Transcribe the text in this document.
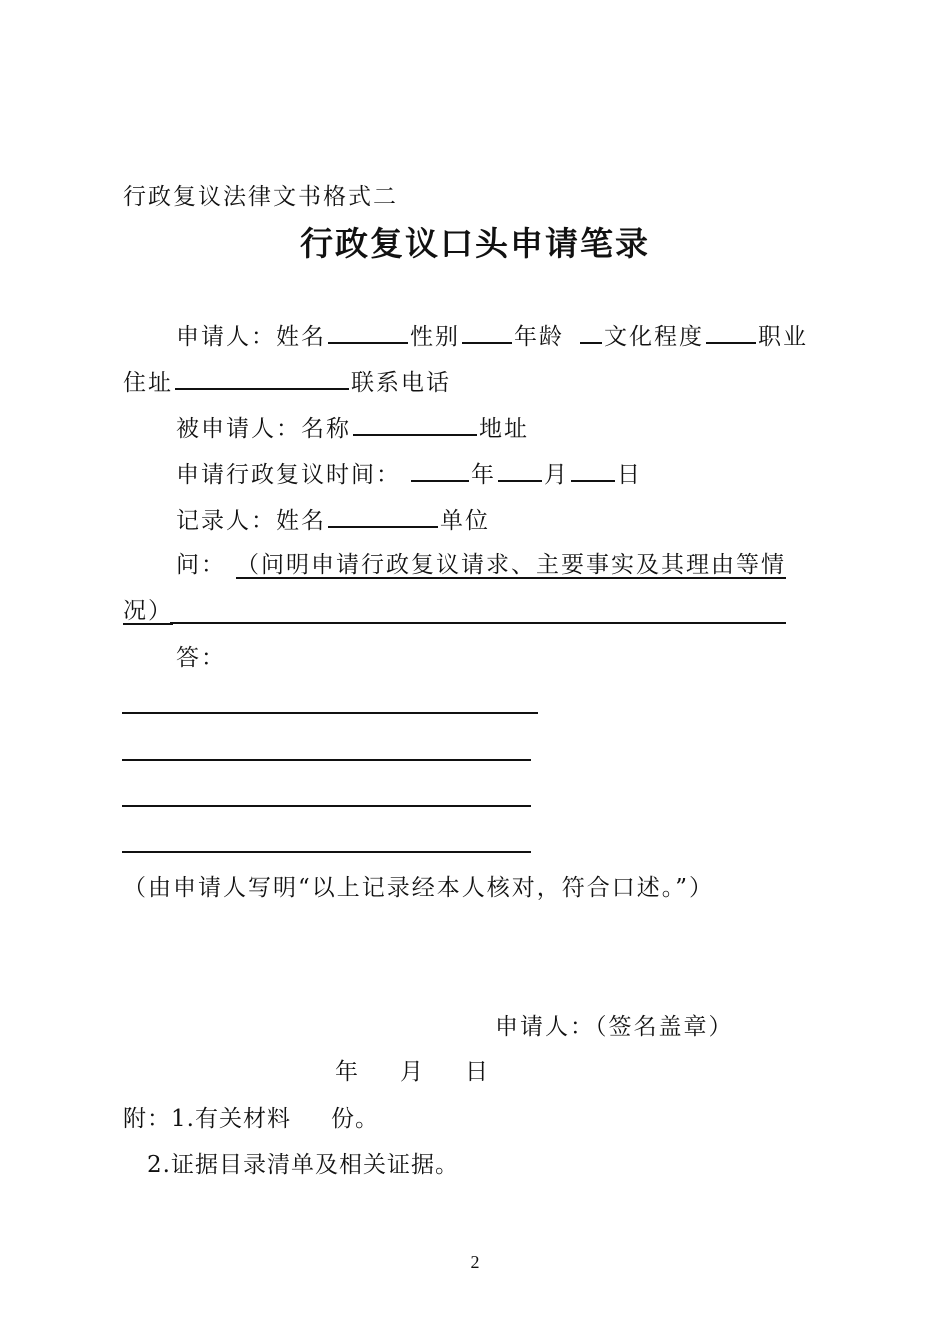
行政复议法律文书格式二
行政复议口头申请笔录
申请人：姓名	性别 年龄 文化程度 职业
住址	联系电话
被申请人：名称	地址
申请行政复议时间：	年 月 日
记录人：姓名	单位
问： （问明申请行政复议请求、主要事实及其理由等情
况）
答：
（由申请人写明“以上记录经本人核对，符合口述。”）
申请人：（签名盖章）
年 月 日
附：1.有关材料 份。
2.证据目录清单及相关证据。
2
